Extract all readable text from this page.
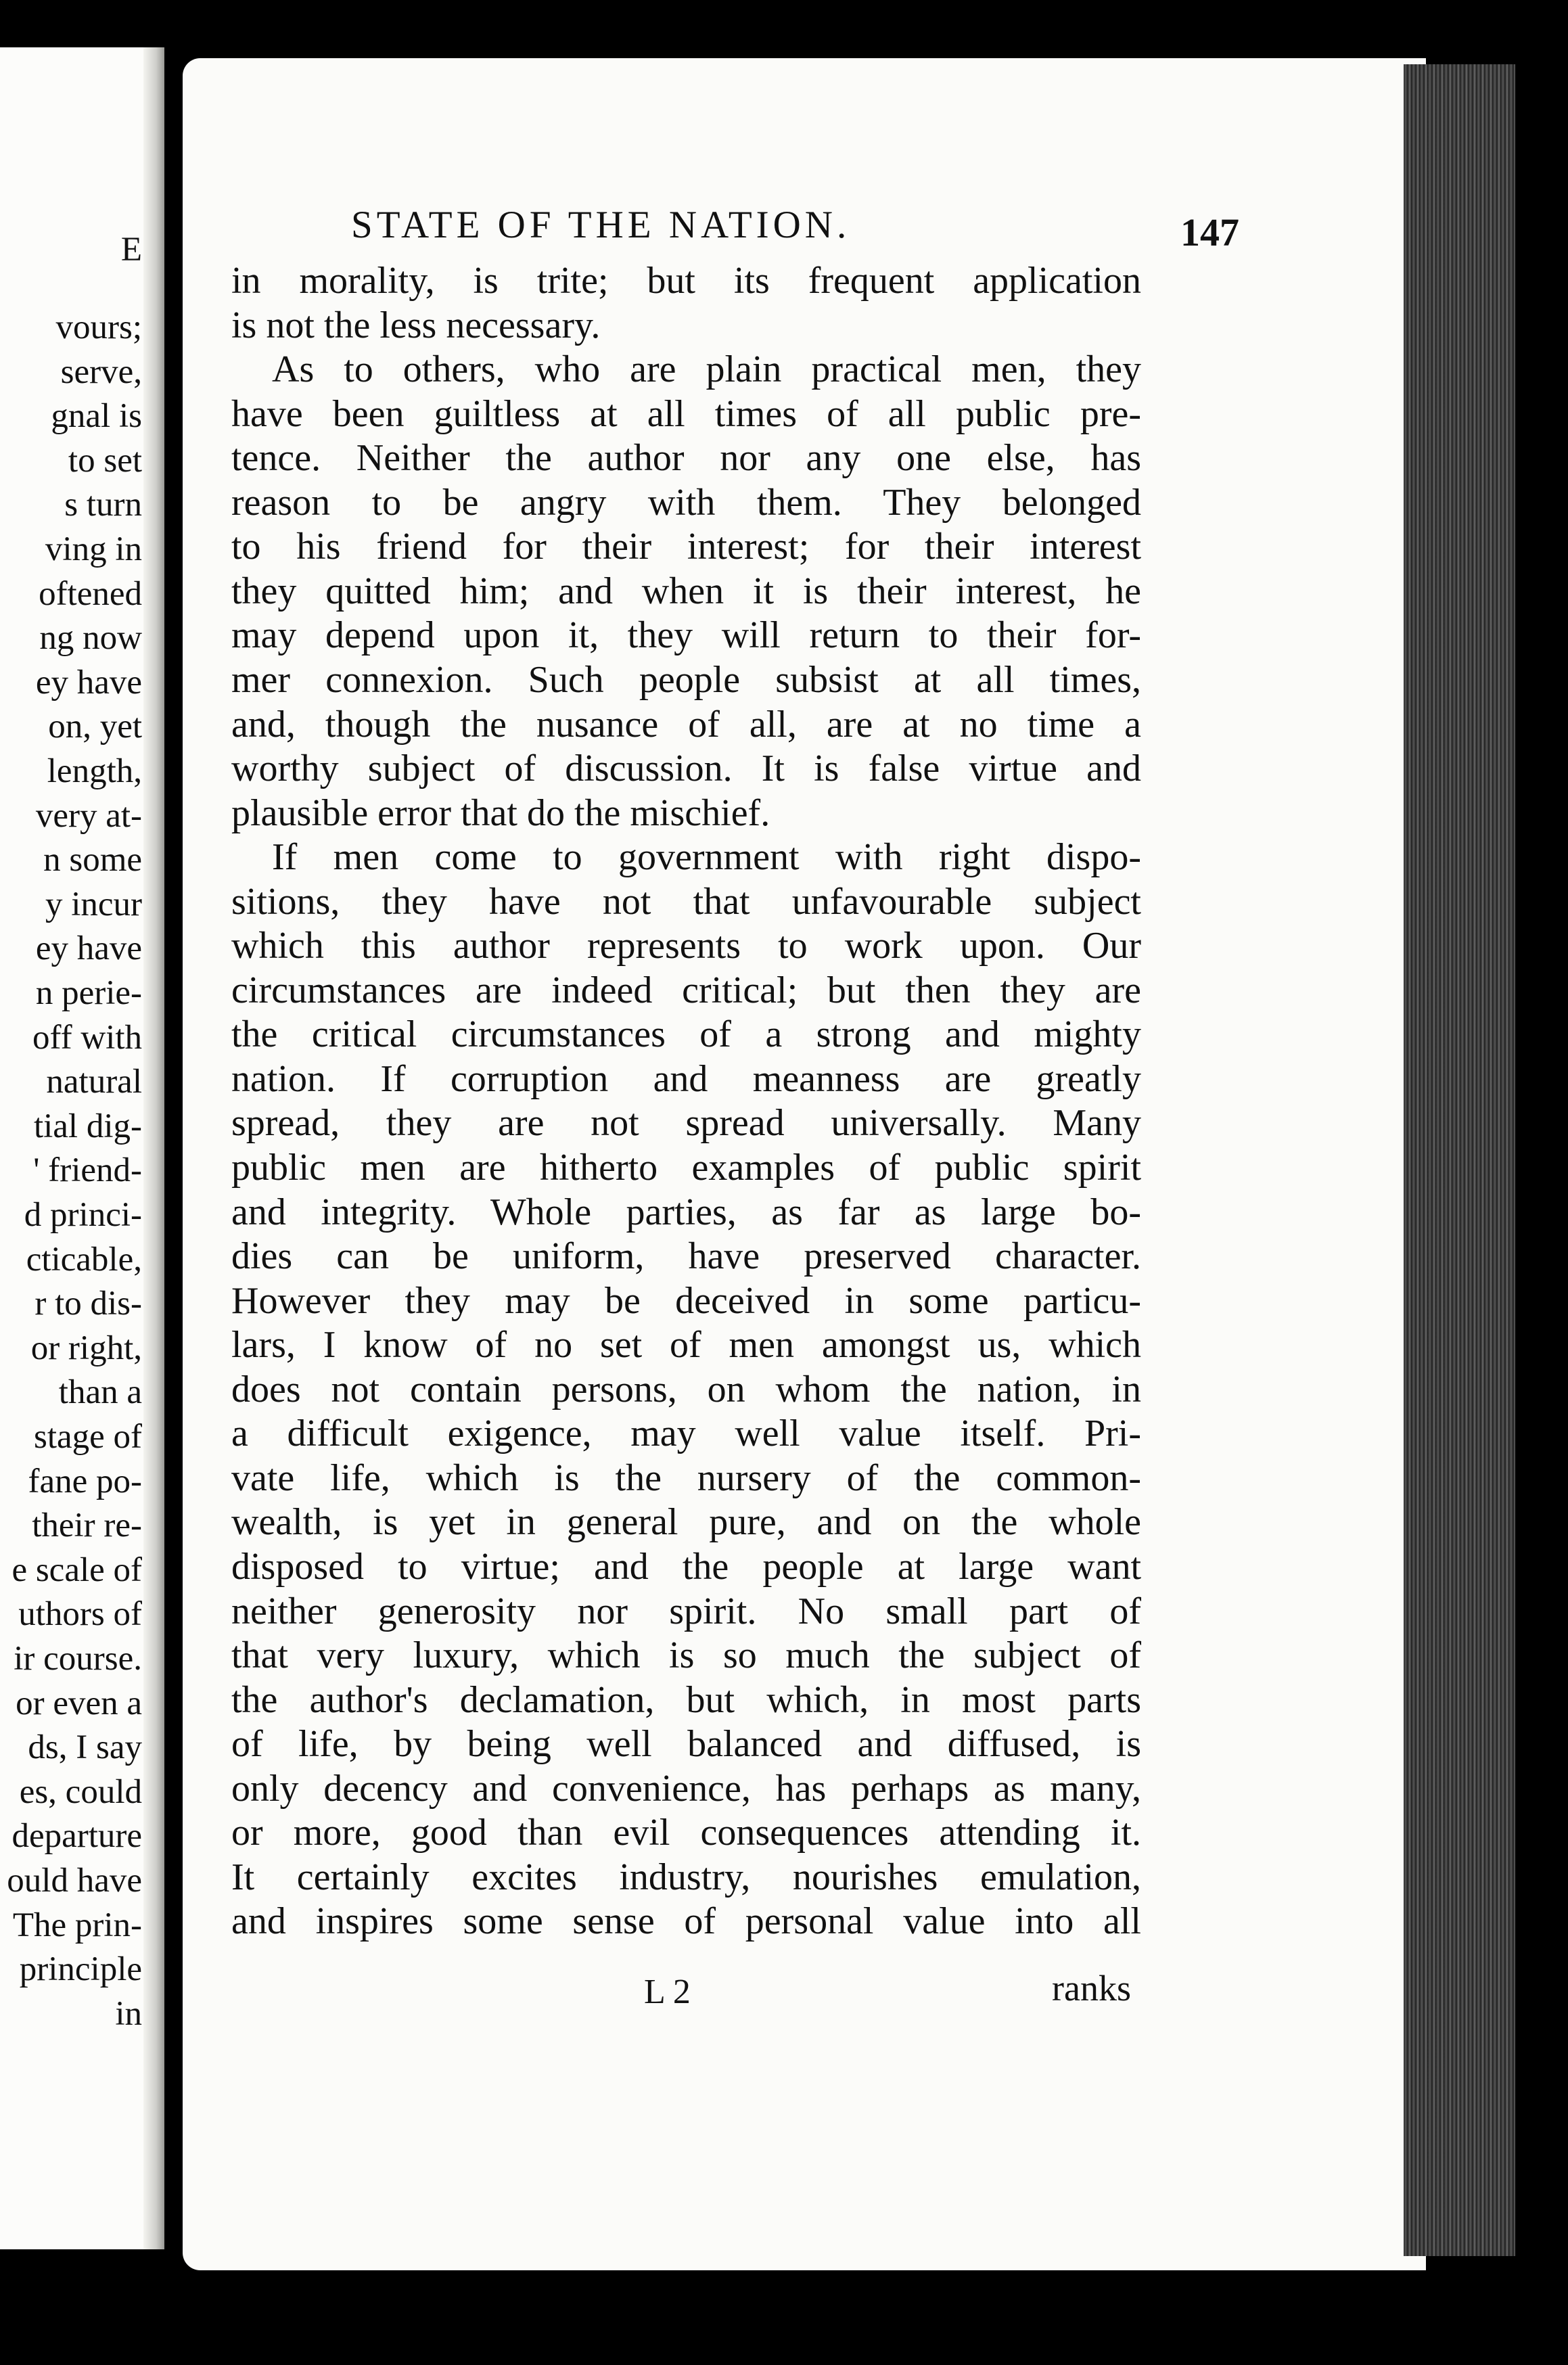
E
vours;
serve,
gnal is
to set
s turn
ving in
oftened
ng now
ey have
on, yet
length,
very at-
n some
y incur
ey have
n perie-
off with
natural
tial dig-
' friend-
d princi-
cticable,
r to dis-
or right,
than a
stage of
fane po-
their re-
e scale of
uthors of
ir course.
or even a
ds, I say
es, could
departure
ould have
The prin-
principle
in
STATE OF THE NATION.	147
in morality, is trite; but its frequent application
is not the less necessary.
As to others, who are plain practical men, they
have been guiltless at all times of all public pre-
tence. Neither the author nor any one else, has
reason to be angry with them. They belonged
to his friend for their interest; for their interest
they quitted him; and when it is their interest, he
may depend upon it, they will return to their for-
mer connexion. Such people subsist at all times,
and, though the nusance of all, are at no time a
worthy subject of discussion. It is false virtue and
plausible error that do the mischief.
If men come to government with right dispo-
sitions, they have not that unfavourable subject
which this author represents to work upon. Our
circumstances are indeed critical; but then they are
the critical circumstances of a strong and mighty
nation. If corruption and meanness are greatly
spread, they are not spread universally. Many
public men are hitherto examples of public spirit
and integrity. Whole parties, as far as large bo-
dies can be uniform, have preserved character.
However they may be deceived in some particu-
lars, I know of no set of men amongst us, which
does not contain persons, on whom the nation, in
a difficult exigence, may well value itself. Pri-
vate life, which is the nursery of the common-
wealth, is yet in general pure, and on the whole
disposed to virtue; and the people at large want
neither generosity nor spirit. No small part of
that very luxury, which is so much the subject of
the author's declamation, but which, in most parts
of life, by being well balanced and diffused, is
only decency and convenience, has perhaps as many,
or more, good than evil consequences attending it.
It certainly excites industry, nourishes emulation,
and inspires some sense of personal value into all
L 2	ranks
